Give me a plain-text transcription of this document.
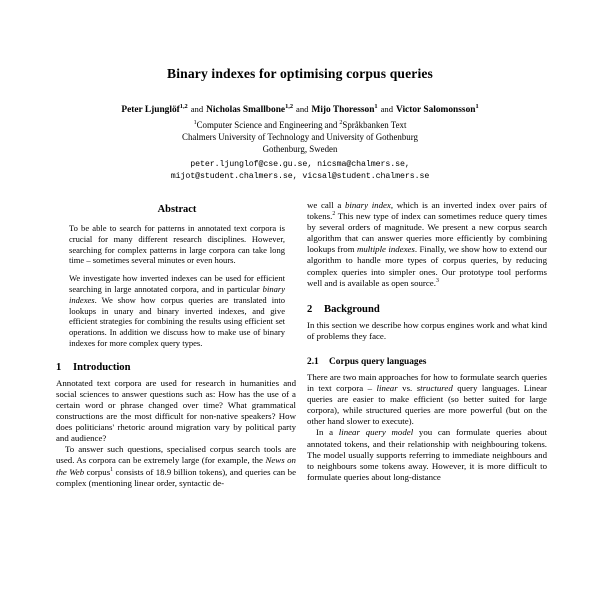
Binary indexes for optimising corpus queries
Peter Ljunglöf$^{1,2}$ and Nicholas Smallbone$^{1,2}$ and Mijo Thoresson$^1$ and Victor Salomonsson$^1$
$^1$Computer Science and Engineering and $^2$Språkbanken Text
Chalmers University of Technology and University of Gothenburg
Gothenburg, Sweden
peter.ljunglof@cse.gu.se, nicsma@chalmers.se,
mijot@student.chalmers.se, vicsal@student.chalmers.se
Abstract

To be able to search for patterns in annotated text corpora is crucial for many different research disciplines. However, searching for complex patterns in large corpora can take long time – sometimes several minutes or even hours.

We investigate how inverted indexes can be used for efficient searching in large annotated corpora, and in particular binary indexes. We show how corpus queries are translated into lookups in unary and binary inverted indexes, and give efficient strategies for combining the results using efficient set operations. In addition we discuss how to make use of binary indexes for more complex query types.

1	Introduction

Annotated text corpora are used for research in humanities and social sciences to answer questions such as: How has the use of a certain word or phrase changed over time? What grammatical constructions are the most difficult for non-native speakers? How does politicians' rhetoric around migration vary by political party and audience?

To answer such questions, specialised corpus search tools are used. As corpora can be extremely large (for example, the News on the Web corpus$^1$ consists of 18.9 billion tokens), and queries can be complex (mentioning linear order, syntactic de-

we call a binary index, which is an inverted index over pairs of tokens.$^2$ This new type of index can sometimes reduce query times by several orders of magnitude. We present a new corpus search algorithm that can answer queries more efficiently by combining lookups from multiple indexes. Finally, we show how to extend our algorithm to handle more types of corpus queries, by reducing complex queries into simpler ones. Our prototype tool performs well and is available as open source.$^3$

2	Background

In this section we describe how corpus engines work and what kind of problems they face.

2.1	Corpus query languages

There are two main approaches for how to formulate search queries in text corpora – linear vs. structured query languages. Linear queries are easier to make efficient (so better suited for large corpora), while structured queries are more powerful (but on the other hand slower to execute).

In a linear query model you can formulate queries about annotated tokens, and their relationship with neighbouring tokens. The model usually supports referring to immediate neighbours and to neighbours some tokens away. However, it is more difficult to formulate queries about long-distance
